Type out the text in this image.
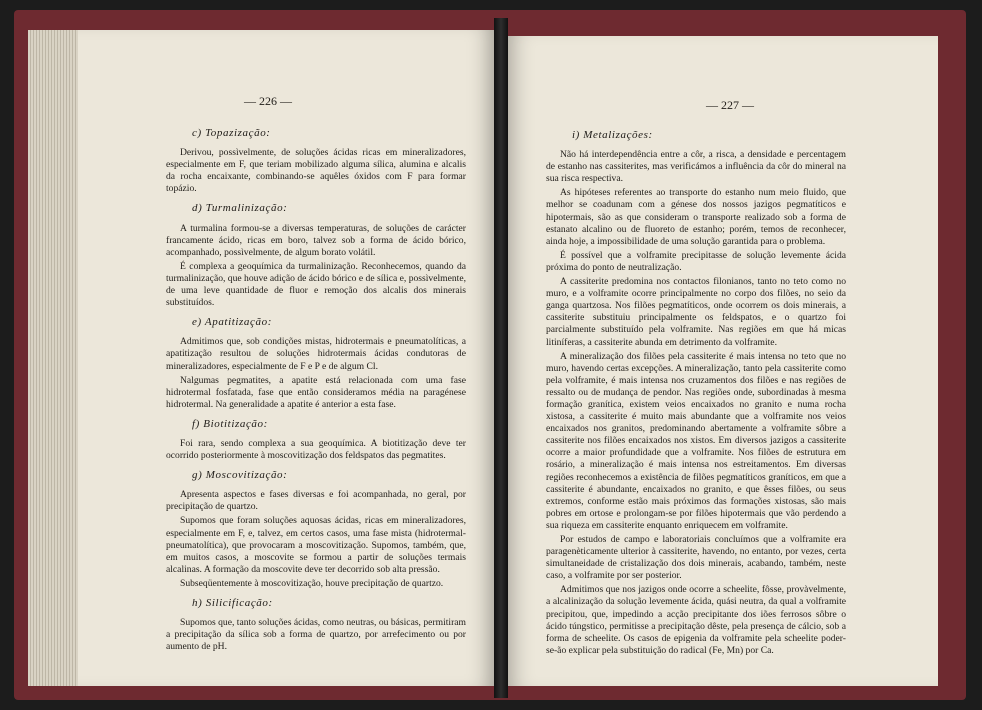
— 226 —

c) Topazização:

Derivou, possìvelmente, de soluções ácidas ricas em mineralizadores, especialmente em F, que teriam mobilizado alguma sílica, alumina e alcalis da rocha encaixante, combinando-se aquêles óxidos com F para formar topázio.

d) Turmalinização:

A turmalina formou-se a diversas temperaturas, de soluções de carácter francamente ácido, ricas em boro, talvez sob a forma de ácido bórico, acompanhado, possìvelmente, de algum borato volátil.

É complexa a geoquímica da turmalinização. Reconhecemos, quando da turmalinização, que houve adição de ácido bórico e de sílica e, possìvelmente, de uma leve quantidade de fluor e remoção dos alcalis dos minerais substituídos.

e) Apatitização:

Admitimos que, sob condições mistas, hidrotermais e pneumatolíticas, a apatitização resultou de soluções hidrotermais ácidas condutoras de mineralizadores, especialmente de F e P e de algum Cl.

Nalgumas pegmatites, a apatite está relacionada com uma fase hidrotermal fosfatada, fase que então consideramos média na paragénese hidrotermal. Na generalidade a apatite é anterior a esta fase.

f) Biotitização:

Foi rara, sendo complexa a sua geoquímica. A biotitização deve ter ocorrido posteriormente à moscovitização dos feldspatos das pegmatites.

g) Moscovitização:

Apresenta aspectos e fases diversas e foi acompanhada, no geral, por precipitação de quartzo.

Supomos que foram soluções aquosas ácidas, ricas em mineralizadores, especialmente em F, e, talvez, em certos casos, uma fase mista (hidrotermal-pneumatolítica), que provocaram a moscovitização. Supomos, também, que, em muitos casos, a moscovite se formou a partir de soluções termais alcalinas. A formação da moscovite deve ter decorrido sob alta pressão.

Subseqüentemente à moscovitização, houve precipitação de quartzo.

h) Silicificação:

Supomos que, tanto soluções ácidas, como neutras, ou básicas, permitiram a precipitação da sílica sob a forma de quartzo, por arrefecimento ou por aumento de pH.

— 227 —

i) Metalizações:

Não há interdependência entre a côr, a risca, a densidade e percentagem de estanho nas cassiterites, mas verificámos a influência da côr do mineral na sua risca respectiva.

As hipóteses referentes ao transporte do estanho num meio fluido, que melhor se coadunam com a génese dos nossos jazigos pegmatíticos e hipotermais, são as que consideram o transporte realizado sob a forma de estanato alcalino ou de fluoreto de estanho; porém, temos de reconhecer, ainda hoje, a impossibilidade de uma solução garantida para o problema.

É possível que a volframite precipitasse de solução levemente ácida próxima do ponto de neutralização.

A cassiterite predomina nos contactos filonianos, tanto no teto como no muro, e a volframite ocorre principalmente no corpo dos filões, no seio da ganga quartzosa. Nos filões pegmatíticos, onde ocorrem os dois minerais, a cassiterite substituiu principalmente os feldspatos, e o quartzo foi parcialmente substituído pela volframite. Nas regiões em que há micas litiníferas, a cassiterite abunda em detrimento da volframite.

A mineralização dos filões pela cassiterite é mais intensa no teto que no muro, havendo certas excepções. A mineralização, tanto pela cassiterite como pela volframite, é mais intensa nos cruzamentos dos filões e nas regiões de ressalto ou de mudança de pendor. Nas regiões onde, subordinadas à mesma formação granítica, existem veios encaixados no granito e numa rocha xistosa, a cassiterite é muito mais abundante que a volframite nos veios encaixados nos granitos, predominando abertamente a volframite sôbre a cassiterite nos filões encaixados nos xistos. Em diversos jazigos a cassiterite ocorre a maior profundidade que a volframite. Nos filões de estrutura em rosário, a mineralização é mais intensa nos estreitamentos. Em diversas regiões reconhecemos a existência de filões pegmatíticos graníticos, em que a cassiterite é abundante, encaixados no granito, e que êsses filões, ou seus extremos, conforme estão mais próximos das formações xistosas, são mais pobres em ortose e prolongam-se por filões hipotermais que vão perdendo a sua riqueza em cassiterite enquanto enriquecem em volframite.

Por estudos de campo e laboratoriais concluímos que a volframite era paragenèticamente ulterior à cassiterite, havendo, no entanto, por vezes, certa simultaneidade de cristalização dos dois minerais, acabando, também, neste caso, a volframite por ser posterior.

Admitimos que nos jazigos onde ocorre a scheelite, fôsse, provàvelmente, a alcalinização da solução levemente ácida, quási neutra, da qual a volframite precipitou, que, impedindo a acção precipitante dos iões ferrosos sôbre o ácido túngstico, permitisse a precipitação dêste, pela presença de cálcio, sob a forma de scheelite. Os casos de epigenia da volframite pela scheelite poder-se-ão explicar pela substituição do radical (Fe, Mn) por Ca.
